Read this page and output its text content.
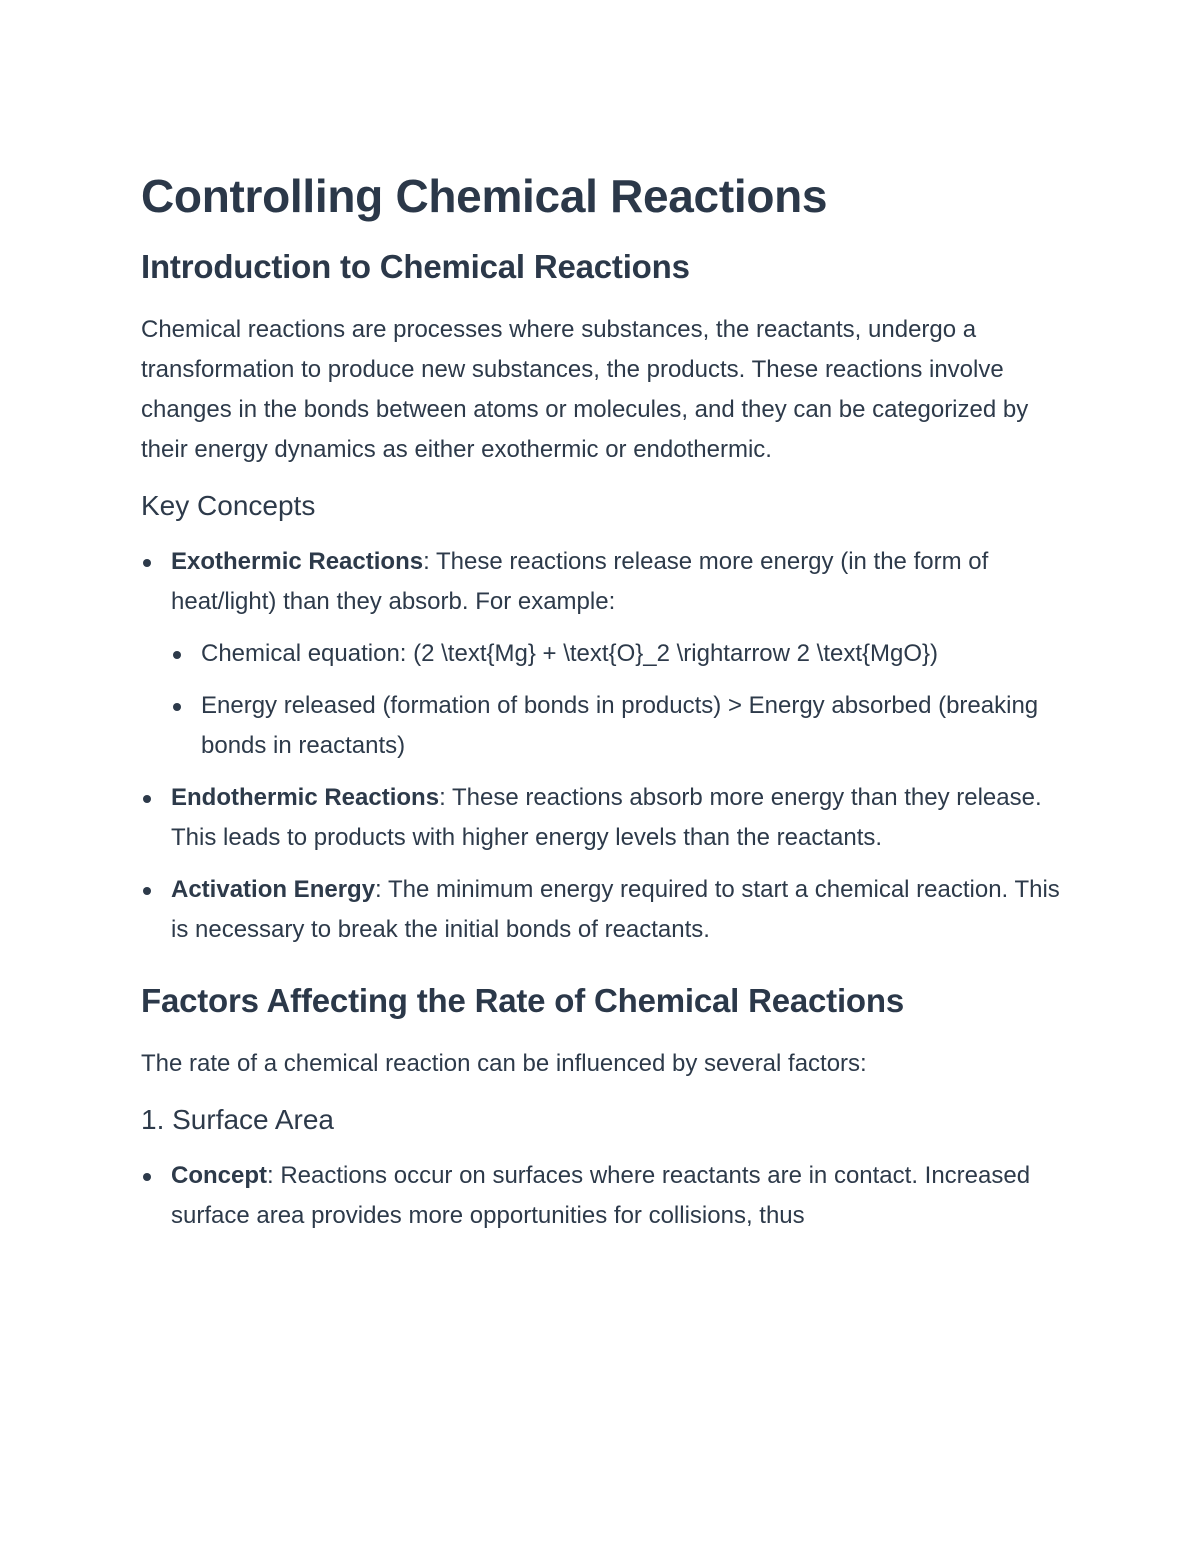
Controlling Chemical Reactions
Introduction to Chemical Reactions

Chemical reactions are processes where substances, the reactants, undergo a transformation to produce new substances, the products. These reactions involve changes in the bonds between atoms or molecules, and they can be categorized by their energy dynamics as either exothermic or endothermic.

Key Concepts
Exothermic Reactions: These reactions release more energy (in the form of heat/light) than they absorb. For example:
Chemical equation: (2 \text{Mg} + \text{O}_2 \rightarrow 2 \text{MgO})
Energy released (formation of bonds in products) > Energy absorbed (breaking bonds in reactants)
Endothermic Reactions: These reactions absorb more energy than they release. This leads to products with higher energy levels than the reactants.
Activation Energy: The minimum energy required to start a chemical reaction. This is necessary to break the initial bonds of reactants.
Factors Affecting the Rate of Chemical Reactions

The rate of a chemical reaction can be influenced by several factors:

1. Surface Area
Concept: Reactions occur on surfaces where reactants are in contact. Increased surface area provides more opportunities for collisions, thus
